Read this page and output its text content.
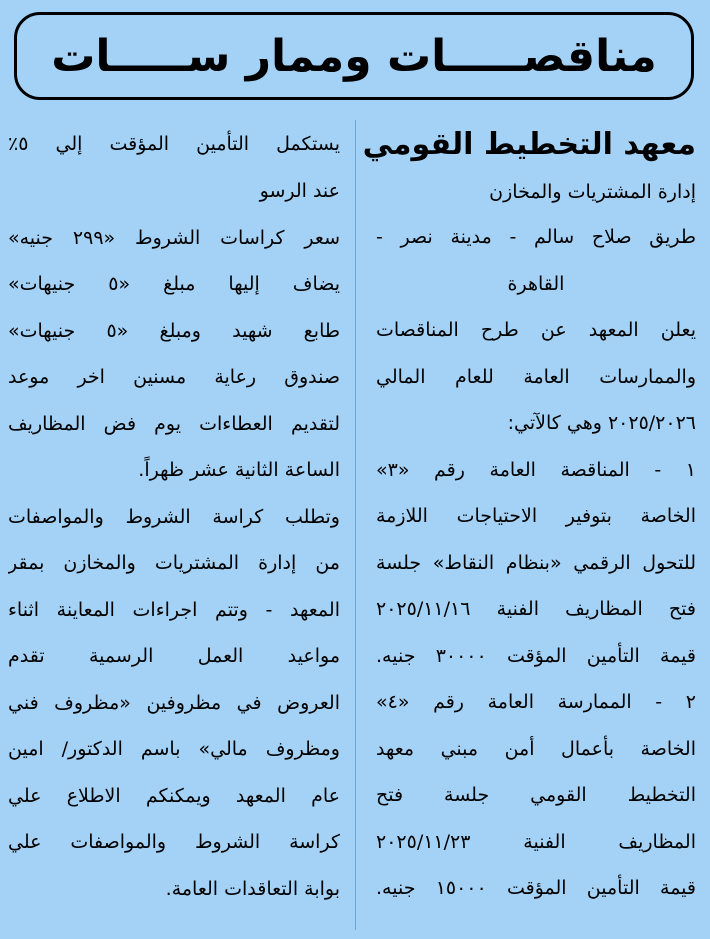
مناقصـــــات وممار ســـــات
معهد التخطيط القومي
إدارة المشتريات والمخازن
طريق صلاح سالم - مدينة نصر -
القاهرة
يعلن المعهد عن طرح المناقصات
والممارسات العامة للعام المالي
٢٠٢٥/٢٠٢٦ وهي كالآتي:
١ - المناقصة العامة رقم «٣»
الخاصة بتوفير الاحتياجات اللازمة
للتحول الرقمي «بنظام النقاط» جلسة
فتح المظاريف الفنية ٢٠٢٥/١١/١٦
قيمة التأمين المؤقت ٣٠٠٠٠ جنيه.
٢ - الممارسة العامة رقم «٤»
الخاصة بأعمال أمن مبني معهد
التخطيط القومي جلسة فتح
المظاريف الفنية ٢٠٢٥/١١/٢٣
قيمة التأمين المؤقت ١٥٠٠٠ جنيه.
يستكمل التأمين المؤقت إلي ٥٪
عند الرسو
سعر كراسات الشروط «٢٩٩ جنيه»
يضاف إليها مبلغ «٥ جنيهات»
طابع شهيد ومبلغ «٥ جنيهات»
صندوق رعاية مسنين اخر موعد
لتقديم العطاءات يوم فض المظاريف
الساعة الثانية عشر ظهراً.
وتطلب كراسة الشروط والمواصفات
من إدارة المشتريات والمخازن بمقر
المعهد - وتتم اجراءات المعاينة اثناء
مواعيد العمل الرسمية تقدم
العروض في مظروفين «مظروف فني
ومظروف مالي» باسم الدكتور/ امين
عام المعهد ويمكنكم الاطلاع علي
كراسة الشروط والمواصفات علي
بوابة التعاقدات العامة.
